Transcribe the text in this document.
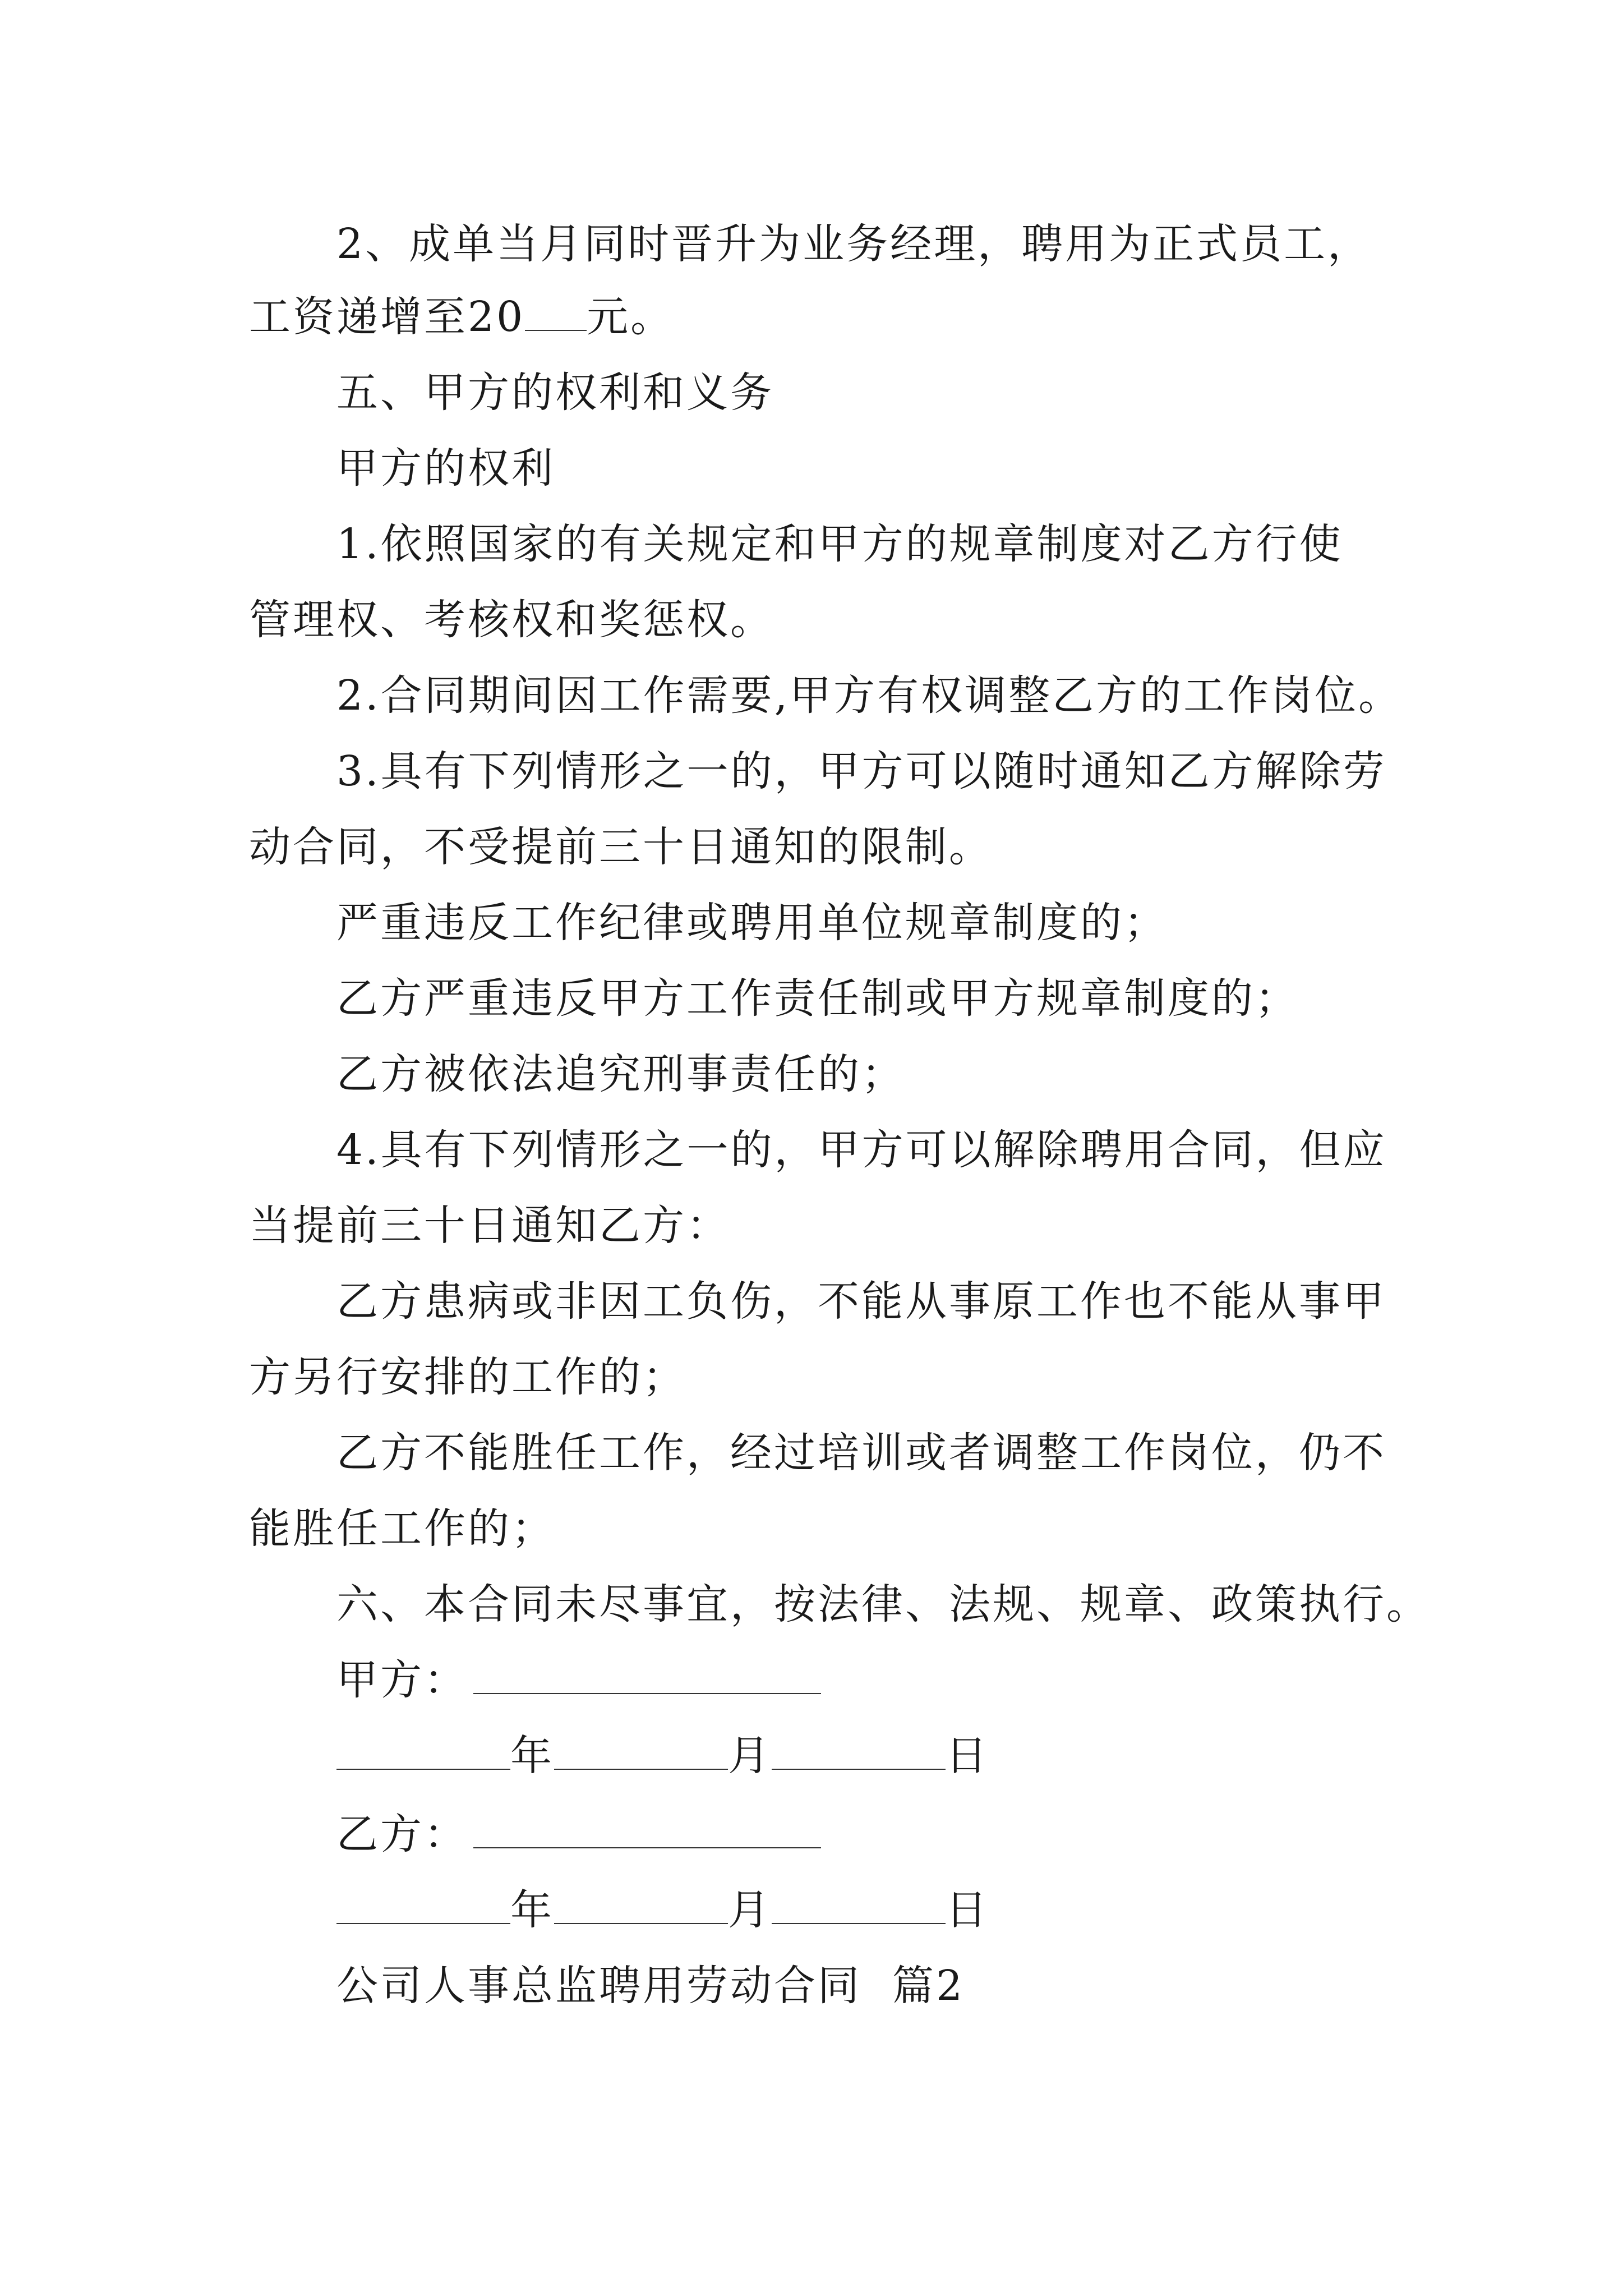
2、成单当月同时晋升为业务经理，聘用为正式员工，
工资递增至20 元。
五、甲方的权利和义务
甲方的权利
1.依照国家的有关规定和甲方的规章制度对乙方行使
管理权、考核权和奖惩权。
2.合同期间因工作需要,甲方有权调整乙方的工作岗位。
3.具有下列情形之一的，甲方可以随时通知乙方解除劳
动合同，不受提前三十日通知的限制。
严重违反工作纪律或聘用单位规章制度的；
乙方严重违反甲方工作责任制或甲方规章制度的；
乙方被依法追究刑事责任的；
4.具有下列情形之一的，甲方可以解除聘用合同，但应
当提前三十日通知乙方：
乙方患病或非因工负伤，不能从事原工作也不能从事甲
方另行安排的工作的；
乙方不能胜任工作，经过培训或者调整工作岗位，仍不
能胜任工作的；
六、本合同未尽事宜，按法律、法规、规章、政策执行。
甲方：
年	月	日
乙方：
年	月	日
公司人事总监聘用劳动合同  篇2
